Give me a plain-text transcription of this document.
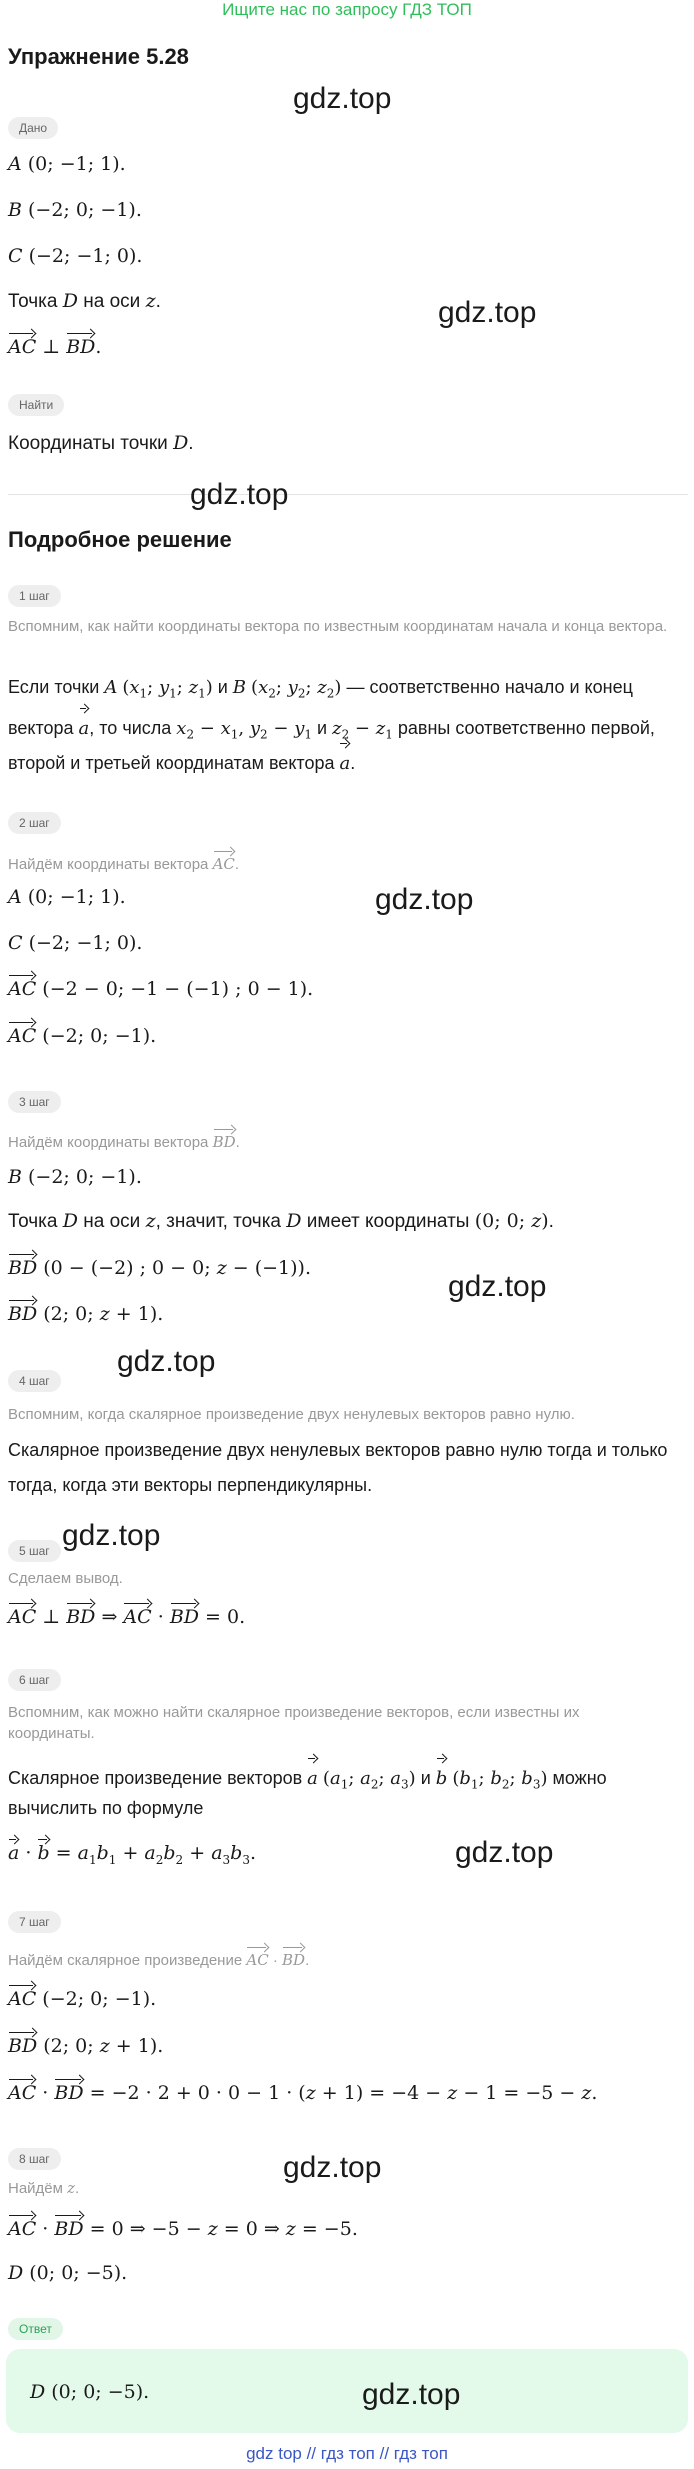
Ищите нас по запросу ГДЗ ТОП
Упражнение 5.28
Дано
A (0; −1; 1).
B (−2; 0; −1).
C (−2; −1; 0).
Точка D на оси z.
AC ⊥ BD.
Найти
Координаты точки D.
Подробное решение
1 шаг
Вспомним, как найти координаты вектора по известным координатам начала и конца вектора.
Если точки A ($x_1$; $y_1$; $z_1$) и B ($x_2$; $y_2$; $z_2$) — соответственно начало и конец
вектора a, то числа $x_2 - x_1$, $y_2 - y_1$ и $z_2 - z_1$ равны соответственно первой,
второй и третьей координатам вектора a.
2 шаг
Найдём координаты вектора AC.
A (0; −1; 1).
C (−2; −1; 0).
AC (−2 − 0; −1 − (−1) ; 0 − 1).
AC (−2; 0; −1).
3 шаг
Найдём координаты вектора BD.
B (−2; 0; −1).
Точка D на оси z, значит, точка D имеет координаты (0; 0; z).
BD (0 − (−2) ; 0 − 0; z − (−1)).
BD (2; 0; z + 1).
4 шаг
Вспомним, когда скалярное произведение двух ненулевых векторов равно нулю.
Скалярное произведение двух ненулевых векторов равно нулю тогда и только
тогда, когда эти векторы перпендикулярны.
5 шаг
Сделаем вывод.
AC ⊥ BD ⇒ AC · BD = 0.
6 шаг
Вспомним, как можно найти скалярное произведение векторов, если известны их координаты.
Скалярное произведение векторов a ($a_1$; $a_2$; $a_3$) и b ($b_1$; $b_2$; $b_3$) можно
вычислить по формуле
$a \cdot b = a_1b_1 + a_2b_2 + a_3b_3$.
7 шаг
Найдём скалярное произведение AC · BD.
AC (−2; 0; −1).
BD (2; 0; z + 1).
AC · BD = −2 · 2 + 0 · 0 − 1 · (z + 1) = −4 − z − 1 = −5 − z.
8 шаг
Найдём z.
AC · BD = 0 ⇒ −5 − z = 0 ⇒ z = −5.
D (0; 0; −5).
Ответ
D (0; 0; −5).
gdz.top
gdz.top
gdz.top
gdz.top
gdz.top
gdz.top
gdz.top
gdz.top
gdz.top
gdz.top
gdz top // гдз топ // гдз топ
